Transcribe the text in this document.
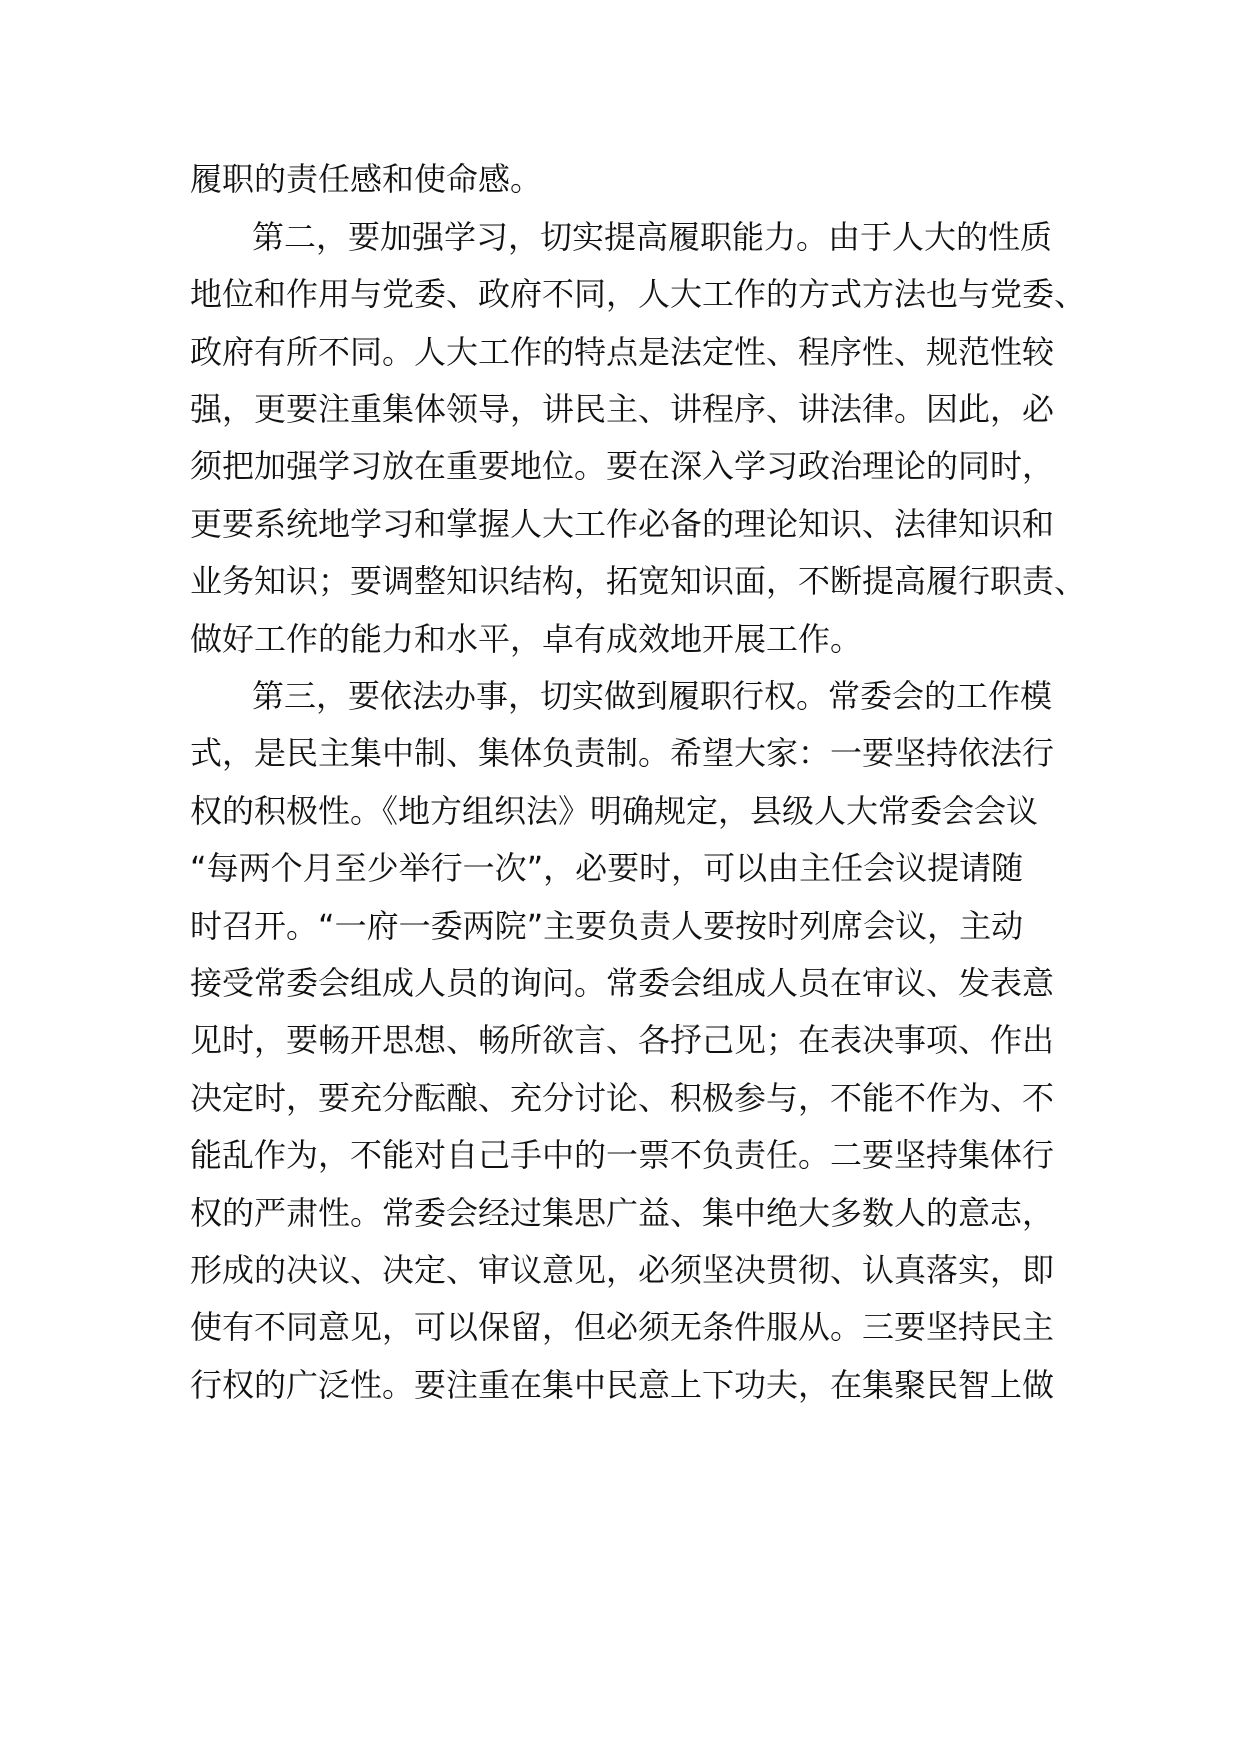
履职的责任感和使命感。
第二，要加强学习，切实提高履职能力。由于人大的性质
地位和作用与党委、政府不同，人大工作的方式方法也与党委、
政府有所不同。人大工作的特点是法定性、程序性、规范性较
强，更要注重集体领导，讲民主、讲程序、讲法律。因此，必
须把加强学习放在重要地位。要在深入学习政治理论的同时，
更要系统地学习和掌握人大工作必备的理论知识、法律知识和
业务知识；要调整知识结构，拓宽知识面，不断提高履行职责、
做好工作的能力和水平，卓有成效地开展工作。
第三，要依法办事，切实做到履职行权。常委会的工作模
式，是民主集中制、集体负责制。希望大家：一要坚持依法行
权的积极性。《地方组织法》明确规定，县级人大常委会会议
“每两个月至少举行一次”，必要时，可以由主任会议提请随
时召开。“一府一委两院”主要负责人要按时列席会议，主动
接受常委会组成人员的询问。常委会组成人员在审议、发表意
见时，要畅开思想、畅所欲言、各抒己见；在表决事项、作出
决定时，要充分酝酿、充分讨论、积极参与，不能不作为、不
能乱作为，不能对自己手中的一票不负责任。二要坚持集体行
权的严肃性。常委会经过集思广益、集中绝大多数人的意志，
形成的决议、决定、审议意见，必须坚决贯彻、认真落实，即
使有不同意见，可以保留，但必须无条件服从。三要坚持民主
行权的广泛性。要注重在集中民意上下功夫，在集聚民智上做
